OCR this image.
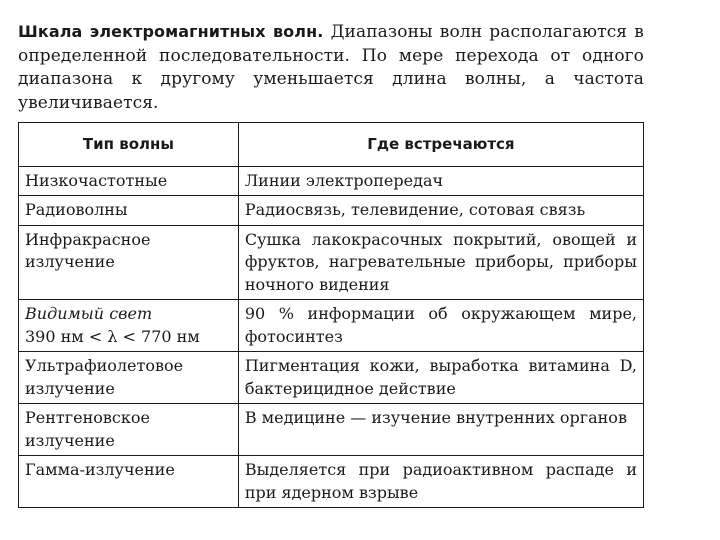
Шкала электромагнитных волн. Диапазоны волн располагаются в определенной последовательности. По мере перехода от одного диапазона к другому уменьшается длина волны, а частота увеличивается.
Тип волны	Где встречаются
Низкочастотные	Линии электропередач
Радиоволны	Радиосвязь, телевидение, сотовая связь
Инфракрасное излучение	Сушка лакокрасочных покрытий, овощей и фруктов, нагревательные приборы, приборы ночного видения
Видимый свет
390 нм < λ < 770 нм	90 % информации об окружающем мире, фотосинтез
Ультрафиолетовое излучение	Пигментация кожи, выработка витамина D, бактерицидное действие
Рентгеновское излучение	В медицине — изучение внутренних органов
Гамма-излучение	Выделяется при радиоактивном распаде и при ядерном взрыве
